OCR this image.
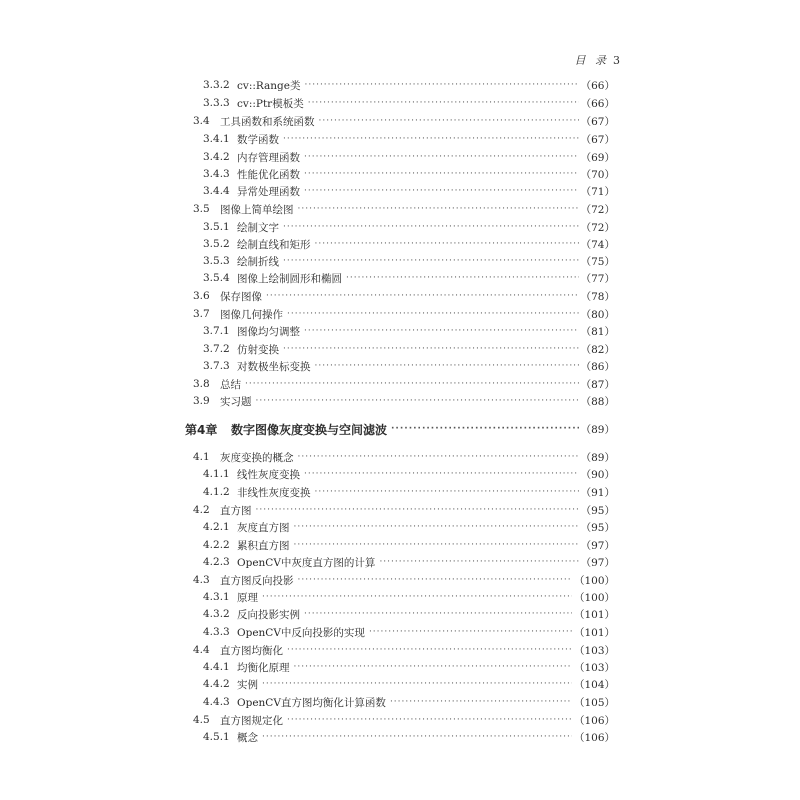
目 录 3
3.3.2 cv::Range类 ·····	（66）
3.3.3 cv::Ptr模板类 ·····	（66）
3.4 工具函数和系统函数 ·····	（67）
3.4.1 数学函数 ·····	（67）
3.4.2 内存管理函数 ·····	（69）
3.4.3 性能优化函数 ·····	（70）
3.4.4 异常处理函数 ·····	（71）
3.5 图像上简单绘图 ·····	（72）
3.5.1 绘制文字 ·····	（72）
3.5.2 绘制直线和矩形 ·····	（74）
3.5.3 绘制折线 ·····	（75）
3.5.4 图像上绘制圆形和椭圆 ·····	（77）
3.6 保存图像 ·····	（78）
3.7 图像几何操作 ·····	（80）
3.7.1 图像均匀调整 ·····	（81）
3.7.2 仿射变换 ·····	（82）
3.7.3 对数极坐标变换 ·····	（86）
3.8 总结 ·····	（87）
3.9 实习题 ·····	（88）
第4章	数字图像灰度变换与空间滤波 ·····	（89）
4.1 灰度变换的概念 ·····	（89）
4.1.1 线性灰度变换 ·····	（90）
4.1.2 非线性灰度变换 ·····	（91）
4.2 直方图 ·····	（95）
4.2.1 灰度直方图 ·····	（95）
4.2.2 累积直方图 ·····	（97）
4.2.3 OpenCV中灰度直方图的计算 ·····	（97）
4.3 直方图反向投影 ·····	（100）
4.3.1 原理 ·····	（100）
4.3.2 反向投影实例 ·····	（101）
4.3.3 OpenCV中反向投影的实现 ·····	（101）
4.4 直方图均衡化 ·····	（103）
4.4.1 均衡化原理 ·····	（103）
4.4.2 实例 ·····	（104）
4.4.3 OpenCV直方图均衡化计算函数 ·····	（105）
4.5 直方图规定化 ·····	（106）
4.5.1 概念 ·····	（106）
